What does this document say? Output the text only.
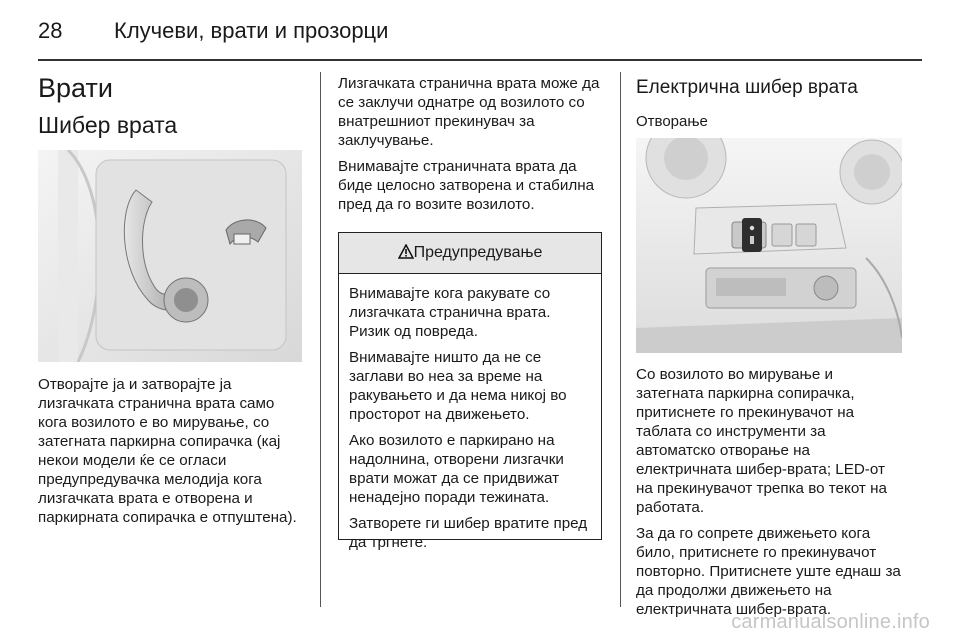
28 Клучеви, врати и прозорци
Врати
Шибер врата

Отворајте ја и затворајте ја лизгачката странична врата само кога возилото е во мирување, со затегната паркирна сопирачка (кај некои модели ќе се огласи предупредувачка мелодија кога лизгачката врата е отворена и паркирната сопирачка е отпуштена).

Лизгачката странична врата може да се заклучи однатре од возилото со внатрешниот прекинувач за заклучување.

Внимавајте страничната врата да биде целосно затворена и стабилна пред да го возите возилото.

Предупредување

Внимавајте кога ракувате со лизгачката странична врата. Ризик од повреда.

Внимавајте ништо да не се заглави во неа за време на ракувањето и да нема никој во просторот на движењето.

Ако возилото е паркирано на надолнина, отворени лизгачки врати можат да се придвижат ненадејно поради тежината.

Затворете ги шибер вратите пред да тргнете.

Електрична шибер врата
Отворање

Со возилото во мирување и затегната паркирна сопирачка, притиснете го прекинувачот на таблата со инструменти за автоматско отворање на електричната шибер-врата; LED-от на прекинувачот трепка во текот на работата.

За да го сопрете движењето кога било, притиснете го прекинувачот повторно. Притиснете уште еднаш за да продолжи движењето на електричната шибер-врата.

carmanualsonline.info
